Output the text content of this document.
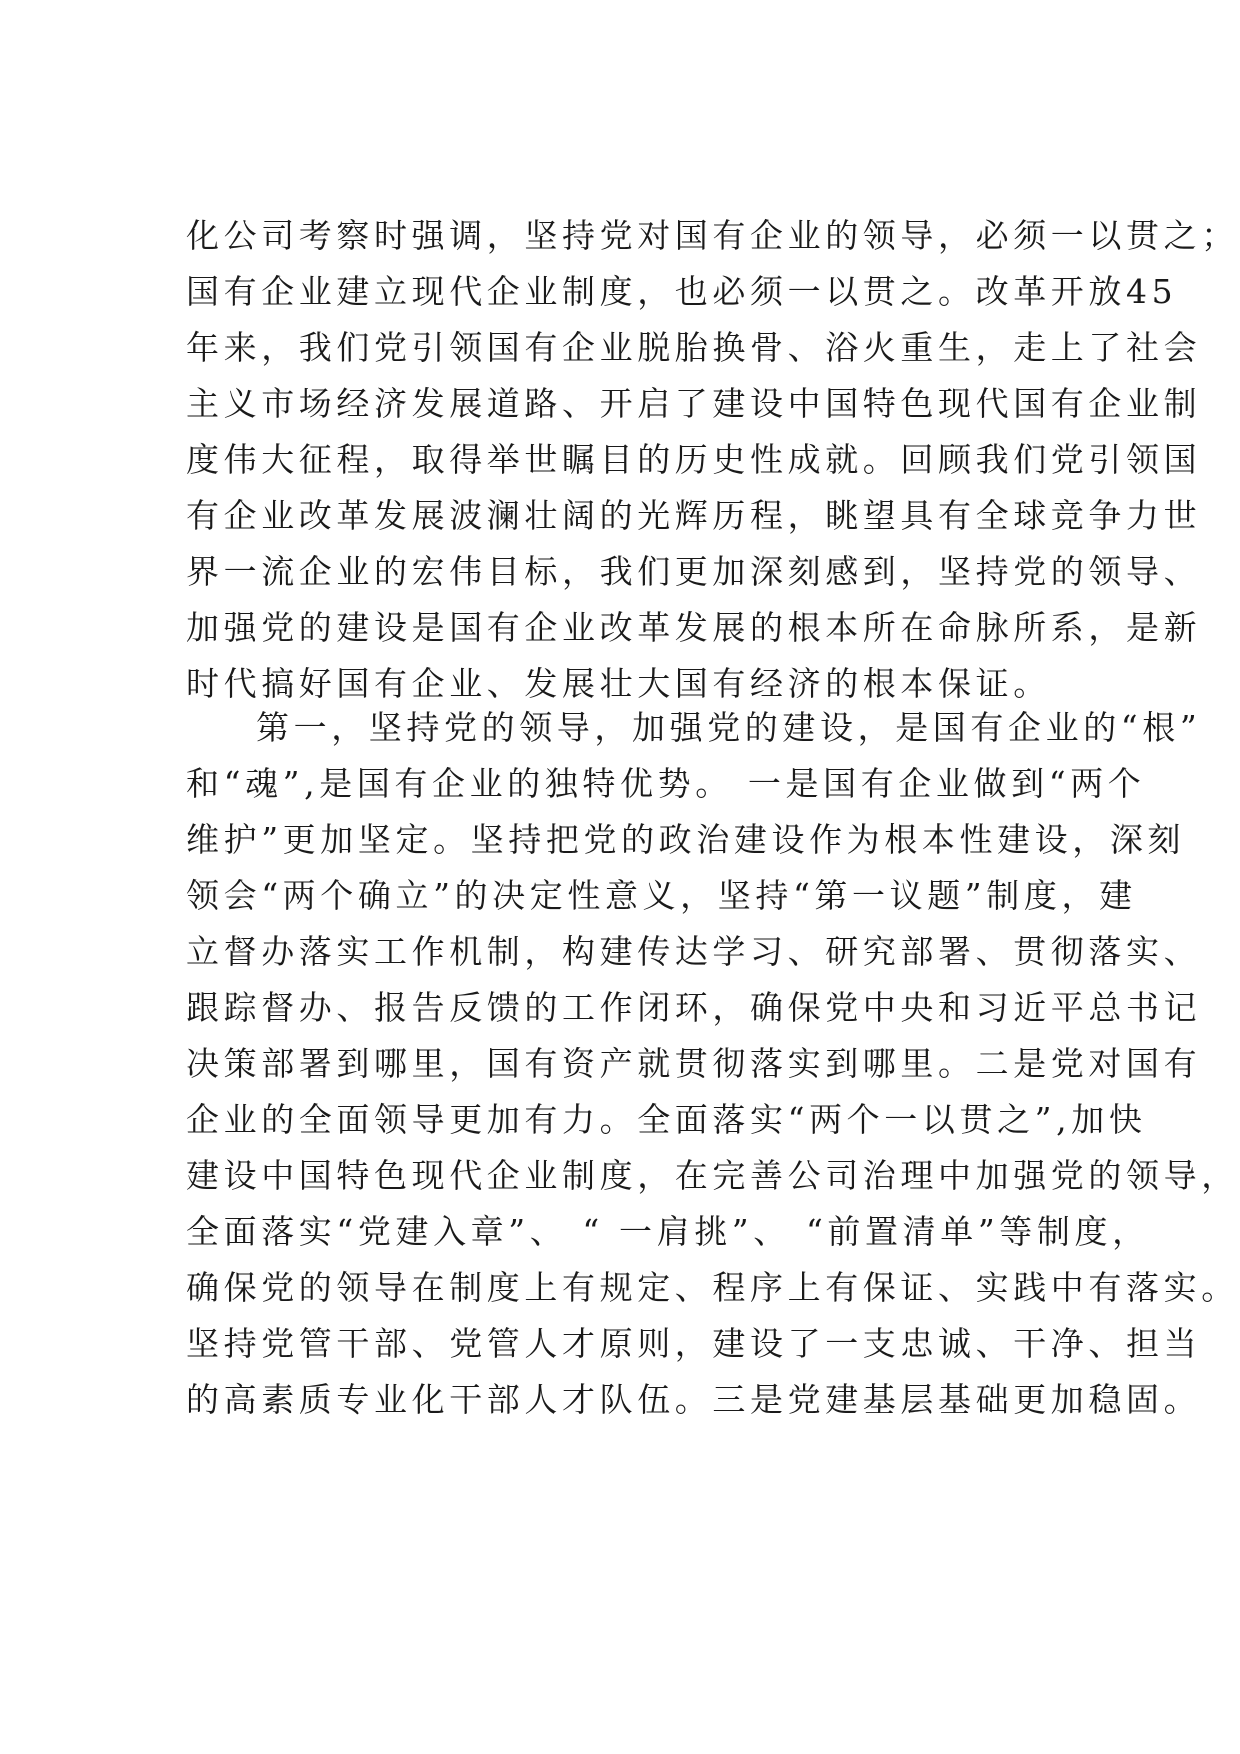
化公司考察时强调，坚持党对国有企业的领导，必须一以贯之；
国有企业建立现代企业制度，也必须一以贯之。改革开放45
年来，我们党引领国有企业脱胎换骨、浴火重生，走上了社会
主义市场经济发展道路、开启了建设中国特色现代国有企业制
度伟大征程，取得举世瞩目的历史性成就。回顾我们党引领国
有企业改革发展波澜壮阔的光辉历程，眺望具有全球竞争力世
界一流企业的宏伟目标，我们更加深刻感到，坚持党的领导、
加强党的建设是国有企业改革发展的根本所在命脉所系，是新
时代搞好国有企业、发展壮大国有经济的根本保证。
第一，坚持党的领导，加强党的建设，是国有企业的“根”
和“魂”,是国有企业的独特优势。 一是国有企业做到“两个
维护”更加坚定。坚持把党的政治建设作为根本性建设，深刻
领会“两个确立”的决定性意义，坚持“第一议题”制度，建
立督办落实工作机制，构建传达学习、研究部署、贯彻落实、
跟踪督办、报告反馈的工作闭环，确保党中央和习近平总书记
决策部署到哪里，国有资产就贯彻落实到哪里。二是党对国有
企业的全面领导更加有力。全面落实“两个一以贯之”,加快
建设中国特色现代企业制度，在完善公司治理中加强党的领导，
全面落实“党建入章”、 “ 一肩挑”、 “前置清单”等制度，
确保党的领导在制度上有规定、程序上有保证、实践中有落实。
坚持党管干部、党管人才原则，建设了一支忠诚、干净、担当
的高素质专业化干部人才队伍。三是党建基层基础更加稳固。
